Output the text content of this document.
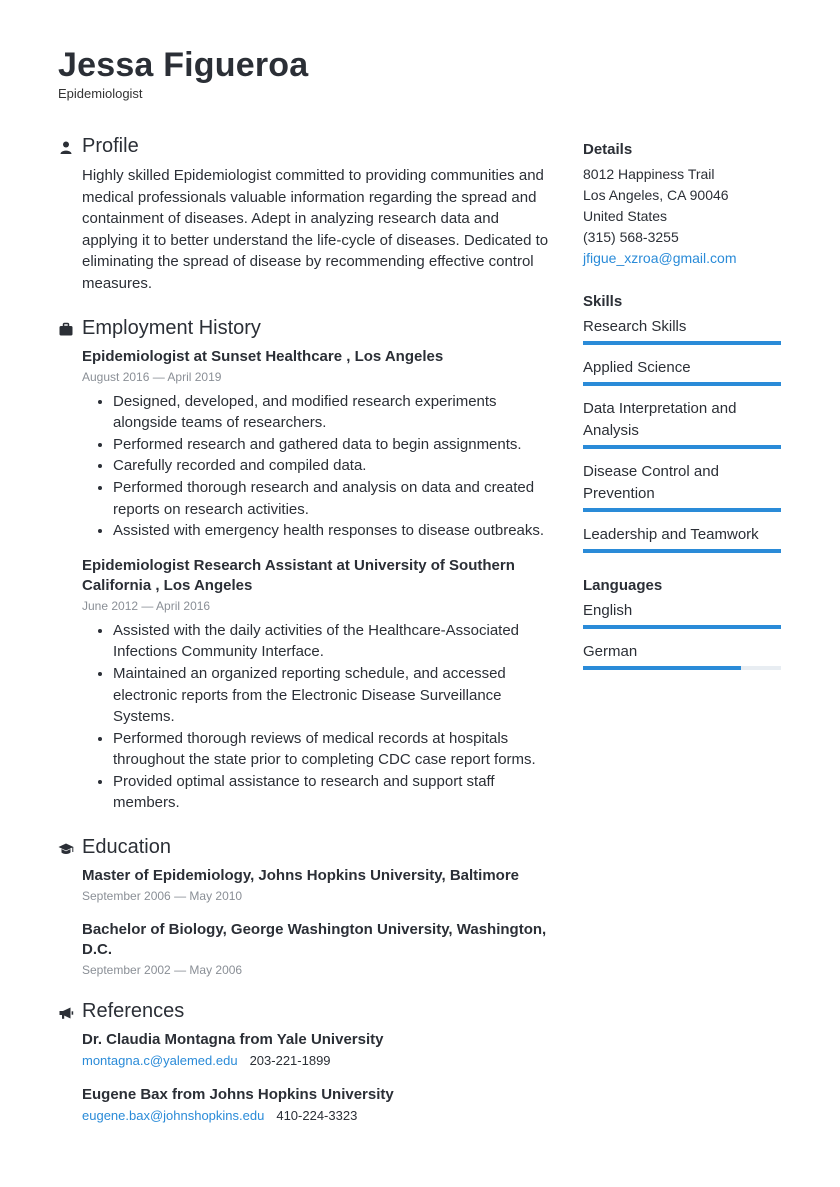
Jessa Figueroa
Epidemiologist
Profile

Highly skilled Epidemiologist committed to providing communities and medical professionals valuable information regarding the spread and containment of diseases. Adept in analyzing research data and applying it to better understand the life-cycle of diseases. Dedicated to eliminating the spread of disease by recommending effective control measures.

Employment History

Epidemiologist at Sunset Healthcare , Los Angeles

August 2016 — April 2019
• Designed, developed, and modified research experiments alongside teams of researchers.
• Performed research and gathered data to begin assignments.
• Carefully recorded and compiled data.
• Performed thorough research and analysis on data and created reports on research activities.
• Assisted with emergency health responses to disease outbreaks.

Epidemiologist Research Assistant at University of Southern California , Los Angeles

June 2012 — April 2016
• Assisted with the daily activities of the Healthcare-Associated Infections Community Interface.
• Maintained an organized reporting schedule, and accessed electronic reports from the Electronic Disease Surveillance Systems.
• Performed thorough reviews of medical records at hospitals throughout the state prior to completing CDC case report forms.
• Provided optimal assistance to research and support staff members.
Education

Master of Epidemiology, Johns Hopkins University, Baltimore

September 2006 — May 2010

Bachelor of Biology, George Washington University, Washington, D.C.

September 2002 — May 2006
References

Dr. Claudia Montagna from Yale University

montagna.c@yalemed.edu 203-221-1899

Eugene Bax from Johns Hopkins University

eugene.bax@johnshopkins.edu 410-224-3323

Details

8012 Happiness Trail

Los Angeles, CA 90046

United States

(315) 568-3255

jfigue_xzroa@gmail.com

Skills

Research Skills
Applied Science
Data Interpretation and Analysis
Disease Control and Prevention
Leadership and Teamwork

Languages

English
German
